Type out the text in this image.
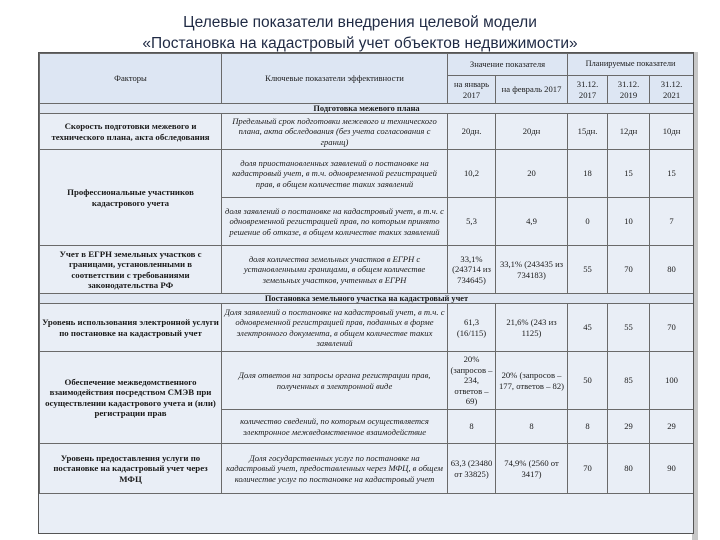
Целевые показатели внедрения целевой модели
«Постановка на кадастровый учет объектов недвижимости»
Факторы	Ключевые показатели эффективности	Значение показателя		Планируемые показатели		
		на январь 2017	на февраль 2017	31.12. 2017	31.12. 2019	31.12. 2021
Подготовка межевого плана						
Скорость подготовки межевого и технического плана, акта обследования	Предельный срок подготовки межевого и технического плана, акта обследования (без учета согласования с границ)	20дн.	20дн	15дн.	12дн	10дн
Профессиональные участников кадастрового учета	доля приостановленных заявлений о постановке на кадастровый учет, в т.ч. одновременной регистрацией прав, в общем количестве таких заявлений	10,2	20	18	15	15
	доля заявлений о постановке на кадастровый учет, в т.ч. с одновременной регистрацией прав, по которым принято решение об отказе, в общем количестве таких заявлений	5,3	4,9	0	10	7
Учет в ЕГРН земельных участков с границами, установленными в соответствии с требованиями законодательства РФ	доля количества земельных участков в ЕГРН с установленными границами, в общем количестве земельных участков, учтенных в ЕГРН	33,1% (243714 из 734645)	33,1% (243435 из 734183)	55	70	80
Постановка земельного участка на кадастровый учет						
Уровень использования электронной услуги по постановке на кадастровый учет	Доля заявлений о постановке на кадастровый учет, в т.ч. с одновременной регистрацией прав, поданных в форме электронного документа, в общем количестве таких заявлений	61,3 (16/115)	21,6% (243 из 1125)	45	55	70
Обеспечение межведомственного взаимодействия посредством СМЭВ при осуществлении кадастрового учета и (или) регистрации прав	Доля ответов на запросы органа регистрации прав, полученных в электронной виде	20% (запросов – 234, ответов – 69)	20% (запросов – 177, ответов – 82)	50	85	100
	количество сведений, по которым осуществляется электронное межведомственное взаимодействие	8	8	8	29	29
Уровень предоставления услуги по постановке на кадастровый учет через МФЦ	Доля государственных услуг по постановке на кадастровый учет, предоставленных через МФЦ, в общем количестве услуг по постановке на кадастровый учет	63,3 (23480 от 33825)	74,9% (2560 от 3417)	70	80	90
